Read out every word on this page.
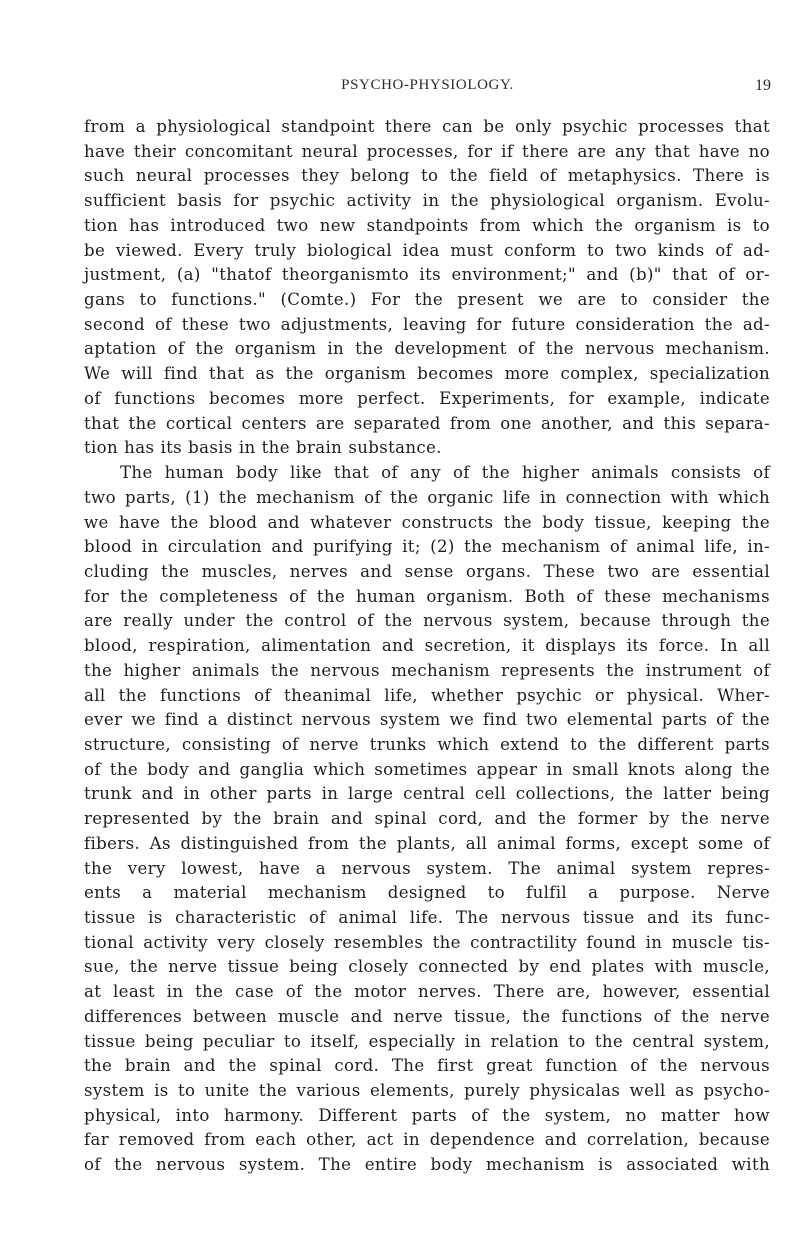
PSYCHO-PHYSIOLOGY.	19
from a physiological standpoint there can be only psychic processes that
have their concomitant neural processes, for if there are any that have no
such neural processes they belong to the field of metaphysics. There is
sufficient basis for psychic activity in the physiological organism. Evolu-
tion has introduced two new standpoints from which the organism is to
be viewed. Every truly biological idea must conform to two kinds of ad-
justment, (a) "thatof theorganismto its environment;" and (b)" that of or-
gans to functions." (Comte.) For the present we are to consider the
second of these two adjustments, leaving for future consideration the ad-
aptation of the organism in the development of the nervous mechanism.
We will find that as the organism becomes more complex, specialization
of functions becomes more perfect. Experiments, for example, indicate
that the cortical centers are separated from one another, and this separa-
tion has its basis in the brain substance.
The human body like that of any of the higher animals consists of
two parts, (1) the mechanism of the organic life in connection with which
we have the blood and whatever constructs the body tissue, keeping the
blood in circulation and purifying it; (2) the mechanism of animal life, in-
cluding the muscles, nerves and sense organs. These two are essential
for the completeness of the human organism. Both of these mechanisms
are really under the control of the nervous system, because through the
blood, respiration, alimentation and secretion, it displays its force. In all
the higher animals the nervous mechanism represents the instrument of
all the functions of theanimal life, whether psychic or physical. Wher-
ever we find a distinct nervous system we find two elemental parts of the
structure, consisting of nerve trunks which extend to the different parts
of the body and ganglia which sometimes appear in small knots along the
trunk and in other parts in large central cell collections, the latter being
represented by the brain and spinal cord, and the former by the nerve
fibers. As distinguished from the plants, all animal forms, except some of
the very lowest, have a nervous system. The animal system repres-
ents a material mechanism designed to fulfil a purpose. Nerve
tissue is characteristic of animal life. The nervous tissue and its func-
tional activity very closely resembles the contractility found in muscle tis-
sue, the nerve tissue being closely connected by end plates with muscle,
at least in the case of the motor nerves. There are, however, essential
differences between muscle and nerve tissue, the functions of the nerve
tissue being peculiar to itself, especially in relation to the central system,
the brain and the spinal cord. The first great function of the nervous
system is to unite the various elements, purely physicalas well as psycho-
physical, into harmony. Different parts of the system, no matter how
far removed from each other, act in dependence and correlation, because
of the nervous system. The entire body mechanism is associated with
